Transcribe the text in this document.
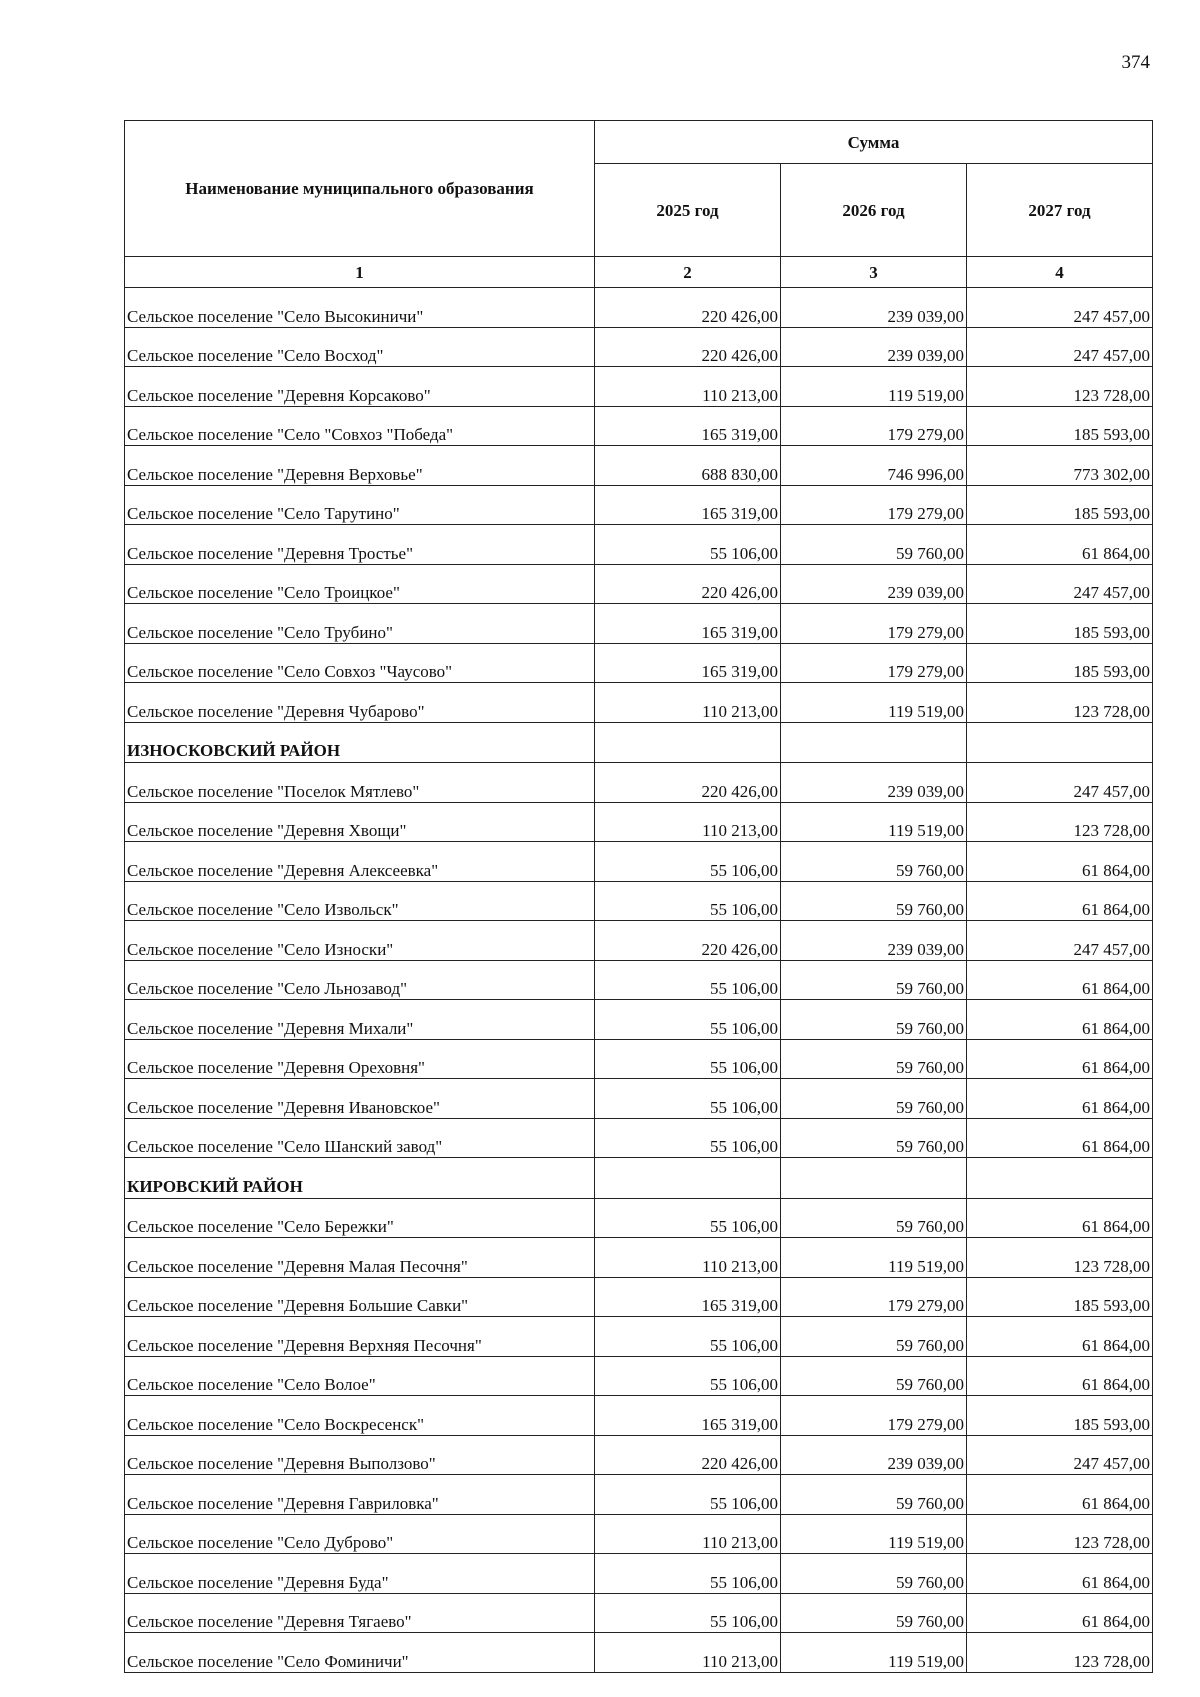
374
Наименование муниципального образования	Сумма		
	2025 год	2026 год	2027 год
1	2	3	4
Сельское поселение "Село Высокиничи"	220 426,00	239 039,00	247 457,00
Сельское поселение "Село Восход"	220 426,00	239 039,00	247 457,00
Сельское поселение "Деревня Корсаково"	110 213,00	119 519,00	123 728,00
Сельское поселение "Село "Совхоз "Победа"	165 319,00	179 279,00	185 593,00
Сельское поселение "Деревня Верховье"	688 830,00	746 996,00	773 302,00
Сельское поселение "Село Тарутино"	165 319,00	179 279,00	185 593,00
Сельское поселение "Деревня Тростье"	55 106,00	59 760,00	61 864,00
Сельское поселение "Село Троицкое"	220 426,00	239 039,00	247 457,00
Сельское поселение "Село Трубино"	165 319,00	179 279,00	185 593,00
Сельское поселение "Село Совхоз "Чаусово"	165 319,00	179 279,00	185 593,00
Сельское поселение "Деревня Чубарово"	110 213,00	119 519,00	123 728,00
ИЗНОСКОВСКИЙ РАЙОН			
Сельское поселение "Поселок Мятлево"	220 426,00	239 039,00	247 457,00
Сельское поселение "Деревня Хвощи"	110 213,00	119 519,00	123 728,00
Сельское поселение "Деревня Алексеевка"	55 106,00	59 760,00	61 864,00
Сельское поселение "Село Извольск"	55 106,00	59 760,00	61 864,00
Сельское поселение "Село Износки"	220 426,00	239 039,00	247 457,00
Сельское поселение "Село Льнозавод"	55 106,00	59 760,00	61 864,00
Сельское поселение "Деревня Михали"	55 106,00	59 760,00	61 864,00
Сельское поселение "Деревня Ореховня"	55 106,00	59 760,00	61 864,00
Сельское поселение "Деревня Ивановское"	55 106,00	59 760,00	61 864,00
Сельское поселение "Село Шанский завод"	55 106,00	59 760,00	61 864,00
КИРОВСКИЙ РАЙОН			
Сельское поселение "Село Бережки"	55 106,00	59 760,00	61 864,00
Сельское поселение "Деревня Малая Песочня"	110 213,00	119 519,00	123 728,00
Сельское поселение "Деревня Большие Савки"	165 319,00	179 279,00	185 593,00
Сельское поселение "Деревня Верхняя Песочня"	55 106,00	59 760,00	61 864,00
Сельское поселение "Село Волое"	55 106,00	59 760,00	61 864,00
Сельское поселение "Село Воскресенск"	165 319,00	179 279,00	185 593,00
Сельское поселение "Деревня Выползово"	220 426,00	239 039,00	247 457,00
Сельское поселение "Деревня Гавриловка"	55 106,00	59 760,00	61 864,00
Сельское поселение "Село Дуброво"	110 213,00	119 519,00	123 728,00
Сельское поселение "Деревня Буда"	55 106,00	59 760,00	61 864,00
Сельское поселение "Деревня Тягаево"	55 106,00	59 760,00	61 864,00
Сельское поселение "Село Фоминичи"	110 213,00	119 519,00	123 728,00
